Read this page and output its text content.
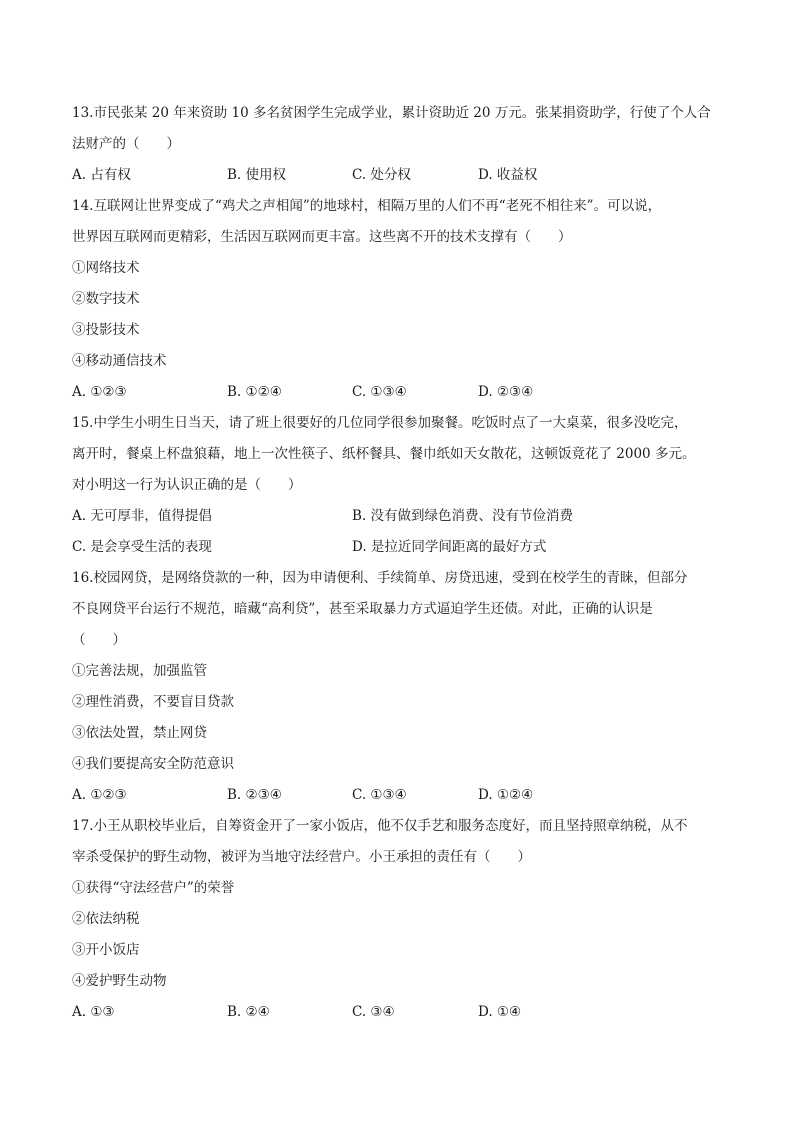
13.市民张某 20 年来资助 10 多名贫困学生完成学业，累计资助近 20 万元。张某捐资助学，行使了个人合
法财产的（　　）
A. 占有权	B. 使用权	C. 处分权	D. 收益权
14.互联网让世界变成了“鸡犬之声相闻”的地球村，相隔万里的人们不再“老死不相往来”。可以说，
世界因互联网而更精彩，生活因互联网而更丰富。这些离不开的技术支撑有（　　）
①网络技术
②数字技术
③投影技术
④移动通信技术
A. ①②③	B. ①②④	C. ①③④	D. ②③④
15.中学生小明生日当天，请了班上很要好的几位同学很参加聚餐。吃饭时点了一大桌菜，很多没吃完，
离开时，餐桌上杯盘狼藉，地上一次性筷子、纸杯餐具、餐巾纸如天女散花，这顿饭竟花了 2000 多元。
对小明这一行为认识正确的是（　　）
A. 无可厚非，值得提倡	B. 没有做到绿色消费、没有节俭消费
C. 是会享受生活的表现	D. 是拉近同学间距离的最好方式
16.校园网贷，是网络贷款的一种，因为申请便利、手续简单、房贷迅速，受到在校学生的青睐，但部分
不良网贷平台运行不规范，暗藏“高利贷”，甚至采取暴力方式逼迫学生还债。对此，正确的认识是
（　　）
①完善法规，加强监管
②理性消费，不要盲目贷款
③依法处置，禁止网贷
④我们要提高安全防范意识
A. ①②③	B. ②③④	C. ①③④	D. ①②④
17.小王从职校毕业后，自筹资金开了一家小饭店，他不仅手艺和服务态度好，而且坚持照章纳税，从不
宰杀受保护的野生动物，被评为当地守法经营户。小王承担的责任有（　　）
①获得“守法经营户”的荣誉
②依法纳税
③开小饭店
④爱护野生动物
A. ①③	B. ②④	C. ③④	D. ①④
